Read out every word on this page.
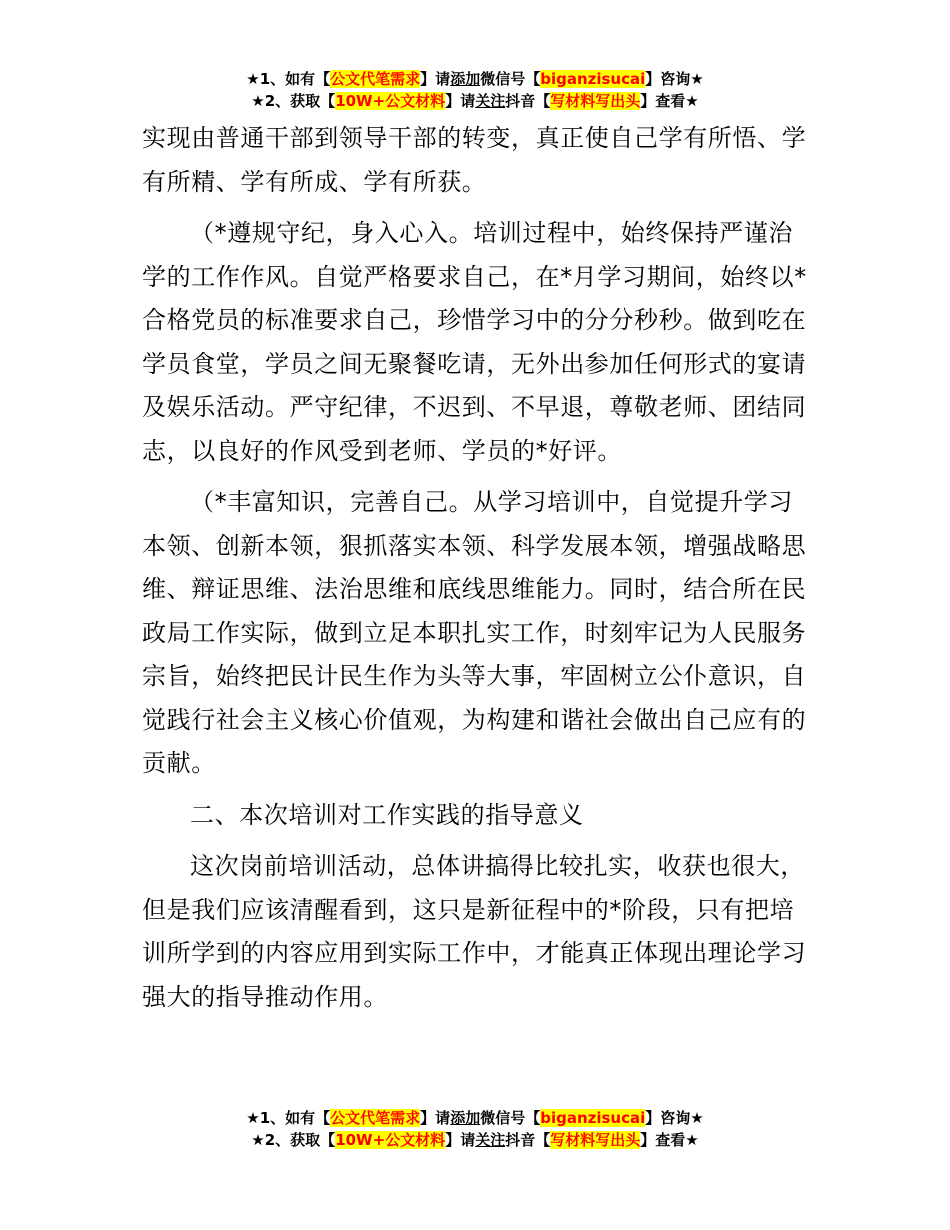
★1、如有【公文代笔需求】请添加微信号【biganzisucai】咨询★
★2、获取【10W+公文材料】请关注抖音【写材料写出头】查看★

实现由普通干部到领导干部的转变，真正使自己学有所悟、学
有所精、学有所成、学有所获。

（*遵规守纪，身入心入。培训过程中，始终保持严谨治
学的工作作风。自觉严格要求自己，在*月学习期间，始终以*
合格党员的标准要求自己，珍惜学习中的分分秒秒。做到吃在
学员食堂，学员之间无聚餐吃请，无外出参加任何形式的宴请
及娱乐活动。严守纪律，不迟到、不早退，尊敬老师、团结同
志，以良好的作风受到老师、学员的*好评。

（*丰富知识，完善自己。从学习培训中，自觉提升学习
本领、创新本领，狠抓落实本领、科学发展本领，增强战略思
维、辩证思维、法治思维和底线思维能力。同时，结合所在民
政局工作实际，做到立足本职扎实工作，时刻牢记为人民服务
宗旨，始终把民计民生作为头等大事，牢固树立公仆意识，自
觉践行社会主义核心价值观，为构建和谐社会做出自己应有的
贡献。

二、本次培训对工作实践的指导意义

这次岗前培训活动，总体讲搞得比较扎实，收获也很大，
但是我们应该清醒看到，这只是新征程中的*阶段，只有把培
训所学到的内容应用到实际工作中，才能真正体现出理论学习
强大的指导推动作用。

★1、如有【公文代笔需求】请添加微信号【biganzisucai】咨询★
★2、获取【10W+公文材料】请关注抖音【写材料写出头】查看★
